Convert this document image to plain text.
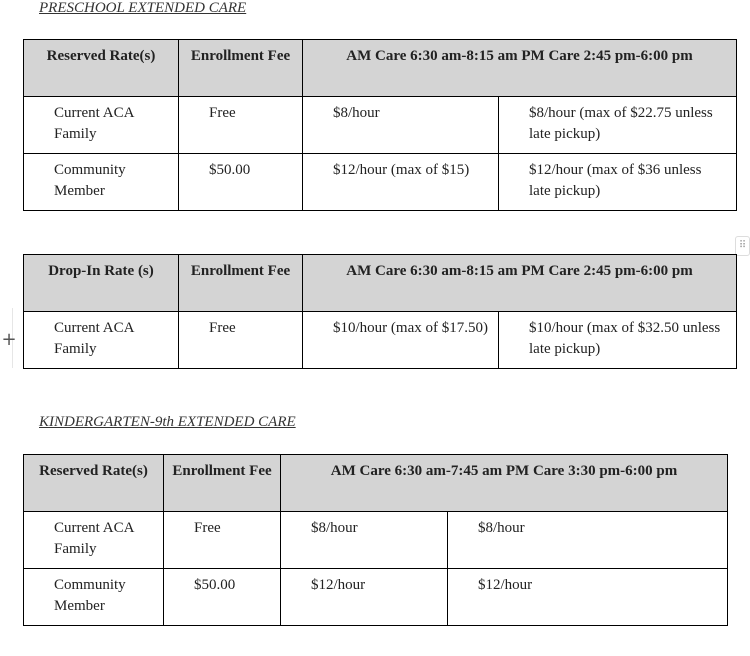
PRESCHOOL EXTENDED CARE
Reserved Rate(s)	Enrollment Fee	AM Care 6:30 am-8:15 am PM Care 2:45 pm-6:00 pm	
Current ACA Family	Free	$8/hour	$8/hour (max of $22.75 unless late pickup)
Community Member	$50.00	$12/hour (max of $15)	$12/hour (max of $36 unless late pickup)
⠿
Drop-In Rate (s)	Enrollment Fee	AM Care 6:30 am-8:15 am PM Care 2:45 pm-6:00 pm	
Current ACA Family	Free	$10/hour (max of $17.50)	$10/hour (max of $32.50 unless late pickup)
+
KINDERGARTEN-9th EXTENDED CARE
Reserved Rate(s)	Enrollment Fee	AM Care 6:30 am-7:45 am PM Care 3:30 pm-6:00 pm	
Current ACA Family	Free	$8/hour	$8/hour
Community Member	$50.00	$12/hour	$12/hour
